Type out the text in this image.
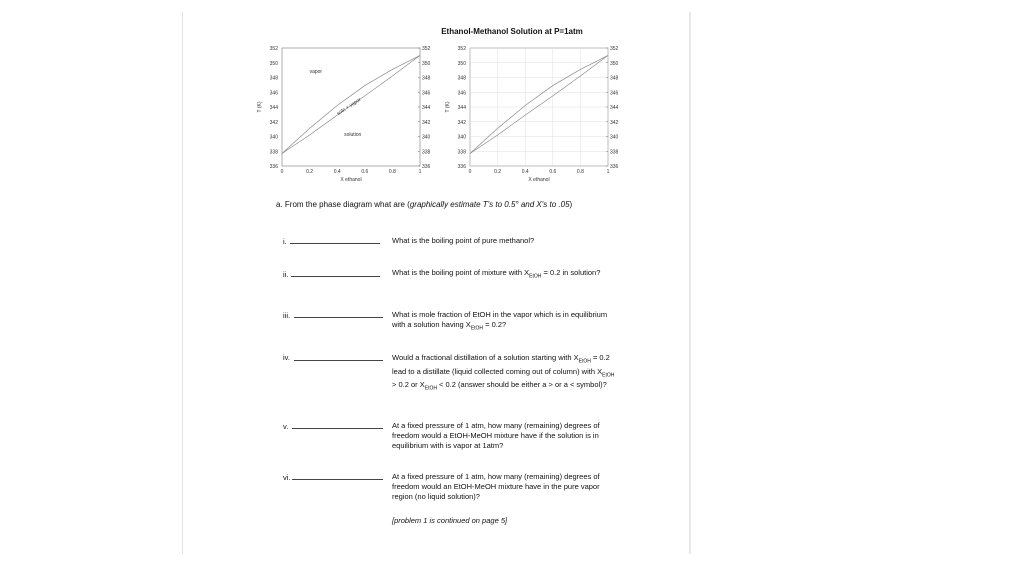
Ethanol-Methanol Solution at P=1atm
336	336
338	338
340	340
342	342
344	344
346	346
348	348
350	350
352	352
0	0.2	0.4	0.6	0.8	1
X ethanol
T (K)
vapor
soln + vapor
solution
336	336
338	338
340	340
342	342
344	344
346	346
348	348
350	350
352	352
0	0.2	0.4	0.6	0.8	1
X ethanol
T (K)
a. From the phase diagram what are (graphically estimate T's to 0.5° and X's to .05)
i.	What is the boiling point of pure methanol?
ii.	What is the boiling point of mixture with $X_{EtOH} = 0.2$ in solution?
iii.	What is mole fraction of EtOH in the vapor which is in equilibrium with a solution having $X_{EtOH} = 0.2$?
iv.	Would a fractional distillation of a solution starting with $X_{EtOH} = 0.2$ lead to a distillate (liquid collected coming out of column) with $X_{EtOH} > 0.2$ or $X_{EtOH} < 0.2$ (answer should be either a > or a < symbol)?
v.	At a fixed pressure of 1 atm, how many (remaining) degrees of freedom would a EtOH-MeOH mixture have if the solution is in equilibrium with is vapor at 1atm?
vi.	At a fixed pressure of 1 atm, how many (remaining) degrees of freedom would an EtOH-MeOH mixture have in the pure vapor region (no liquid solution)?
[problem 1 is continued on page 5]
